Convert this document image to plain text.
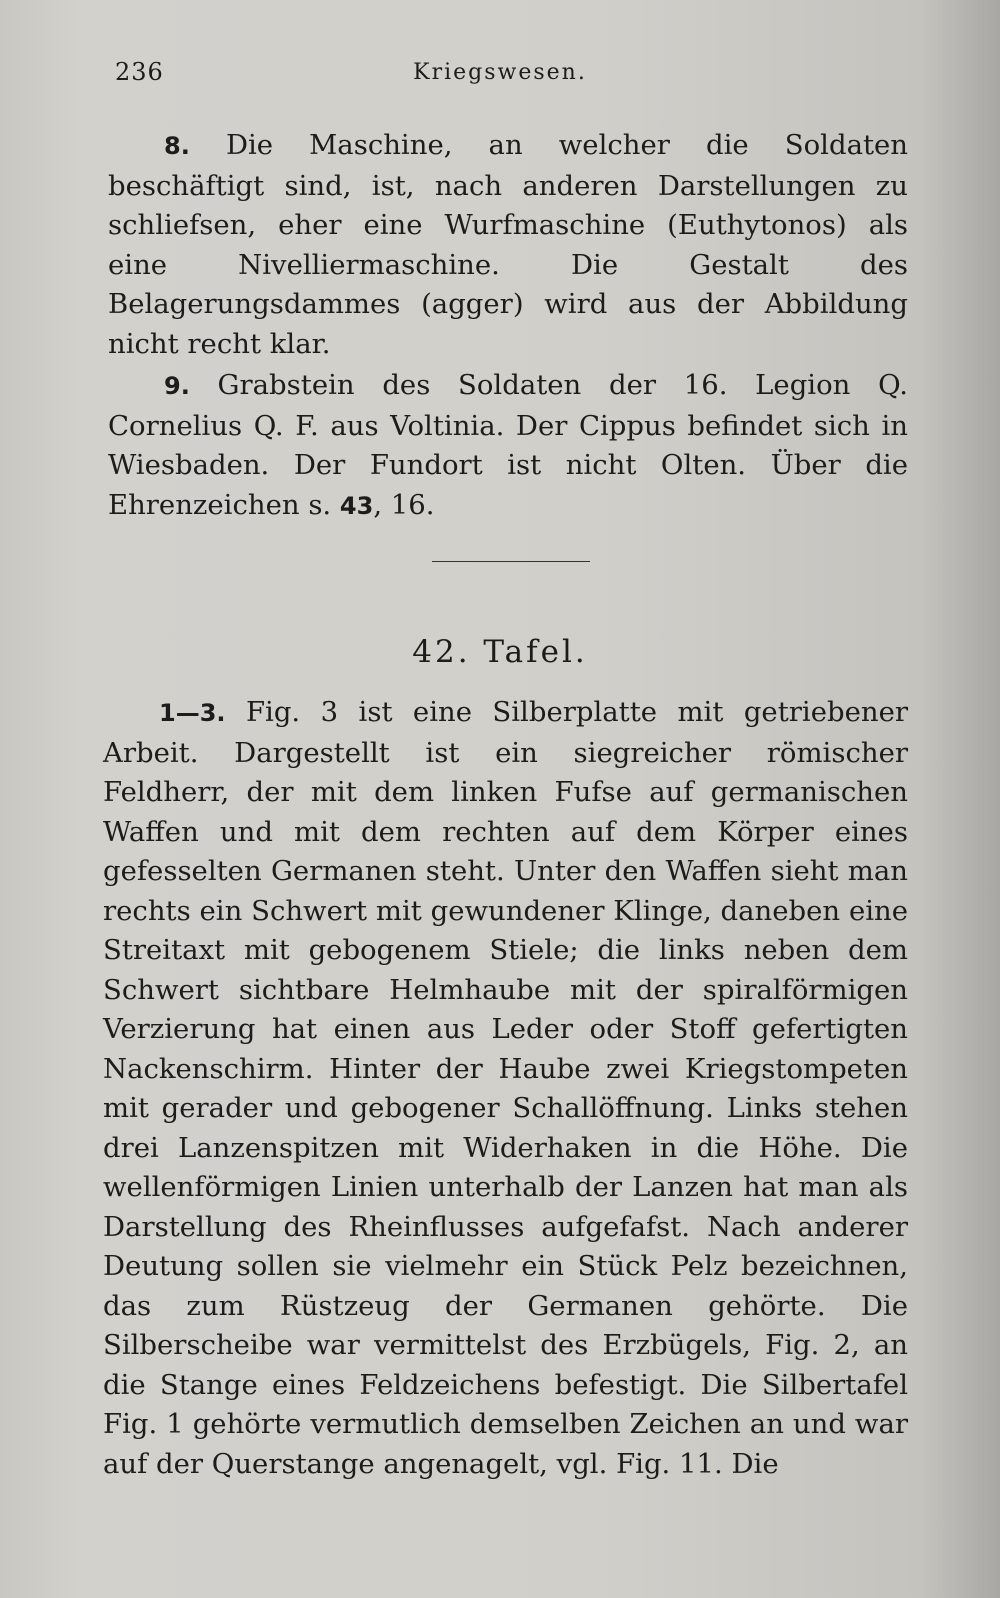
236	Kriegswesen.

8. Die Maschine, an welcher die Soldaten beschäftigt sind, ist, nach anderen Darstellungen zu schliefsen, eher eine Wurfmaschine (Euthytonos) als eine Nivelliermaschine. Die Gestalt des Belagerungsdammes (agger) wird aus der Abbildung nicht recht klar.

9. Grabstein des Soldaten der 16. Legion Q. Cornelius Q. F. aus Voltinia. Der Cippus befindet sich in Wiesbaden. Der Fundort ist nicht Olten. Über die Ehrenzeichen s. 43, 16.

42. Tafel.

1—3. Fig. 3 ist eine Silberplatte mit getriebener Arbeit. Dargestellt ist ein siegreicher römischer Feldherr, der mit dem linken Fufse auf germanischen Waffen und mit dem rechten auf dem Körper eines gefesselten Germanen steht. Unter den Waffen sieht man rechts ein Schwert mit gewundener Klinge, daneben eine Streitaxt mit gebogenem Stiele; die links neben dem Schwert sichtbare Helmhaube mit der spiralförmigen Verzierung hat einen aus Leder oder Stoff gefertigten Nackenschirm. Hinter der Haube zwei Kriegstompeten mit gerader und gebogener Schallöffnung. Links stehen drei Lanzenspitzen mit Widerhaken in die Höhe. Die wellenförmigen Linien unterhalb der Lanzen hat man als Darstellung des Rheinflusses aufgefafst. Nach anderer Deutung sollen sie vielmehr ein Stück Pelz bezeichnen, das zum Rüstzeug der Germanen gehörte. Die Silberscheibe war vermittelst des Erzbügels, Fig. 2, an die Stange eines Feldzeichens befestigt. Die Silbertafel Fig. 1 gehörte vermutlich demselben Zeichen an und war auf der Querstange angenagelt, vgl. Fig. 11. Die
